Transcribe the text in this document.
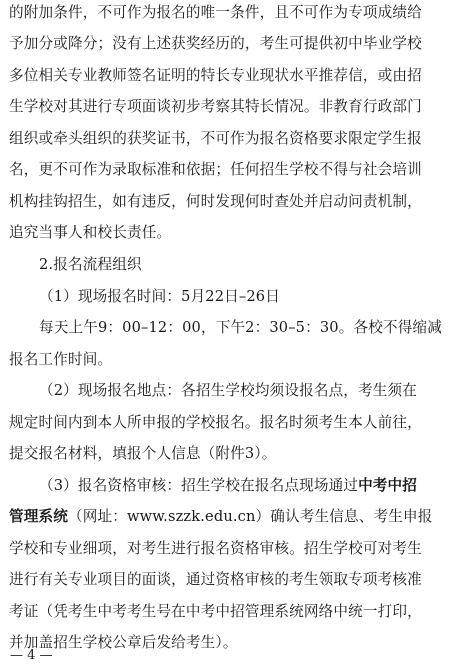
的附加条件，不可作为报名的唯一条件，且不可作为专项成绩给
予加分或降分；没有上述获奖经历的，考生可提供初中毕业学校
多位相关专业教师签名证明的特长专业现状水平推荐信，或由招
生学校对其进行专项面谈初步考察其特长情况。非教育行政部门
组织或牵头组织的获奖证书，不可作为报名资格要求限定学生报
名，更不可作为录取标准和依据；任何招生学校不得与社会培训
机构挂钩招生，如有违反，何时发现何时查处并启动问责机制，
追究当事人和校长责任。
2.报名流程组织
（1）现场报名时间：5月22日–26日
每天上午9：00–12：00，下午2：30–5：30。各校不得缩减
报名工作时间。
（2）现场报名地点：各招生学校均须设报名点，考生须在
规定时间内到本人所申报的学校报名。报名时须考生本人前往，
提交报名材料，填报个人信息（附件3）。
（3）报名资格审核：招生学校在报名点现场通过中考中招
管理系统（网址：www.szzk.edu.cn）确认考生信息、考生申报
学校和专业细项，对考生进行报名资格审核。招生学校可对考生
进行有关专业项目的面谈，通过资格审核的考生领取专项考核准
考证（凭考生中考考生号在中考中招管理系统网络中统一打印，
并加盖招生学校公章后发给考生）。
— 4 —
